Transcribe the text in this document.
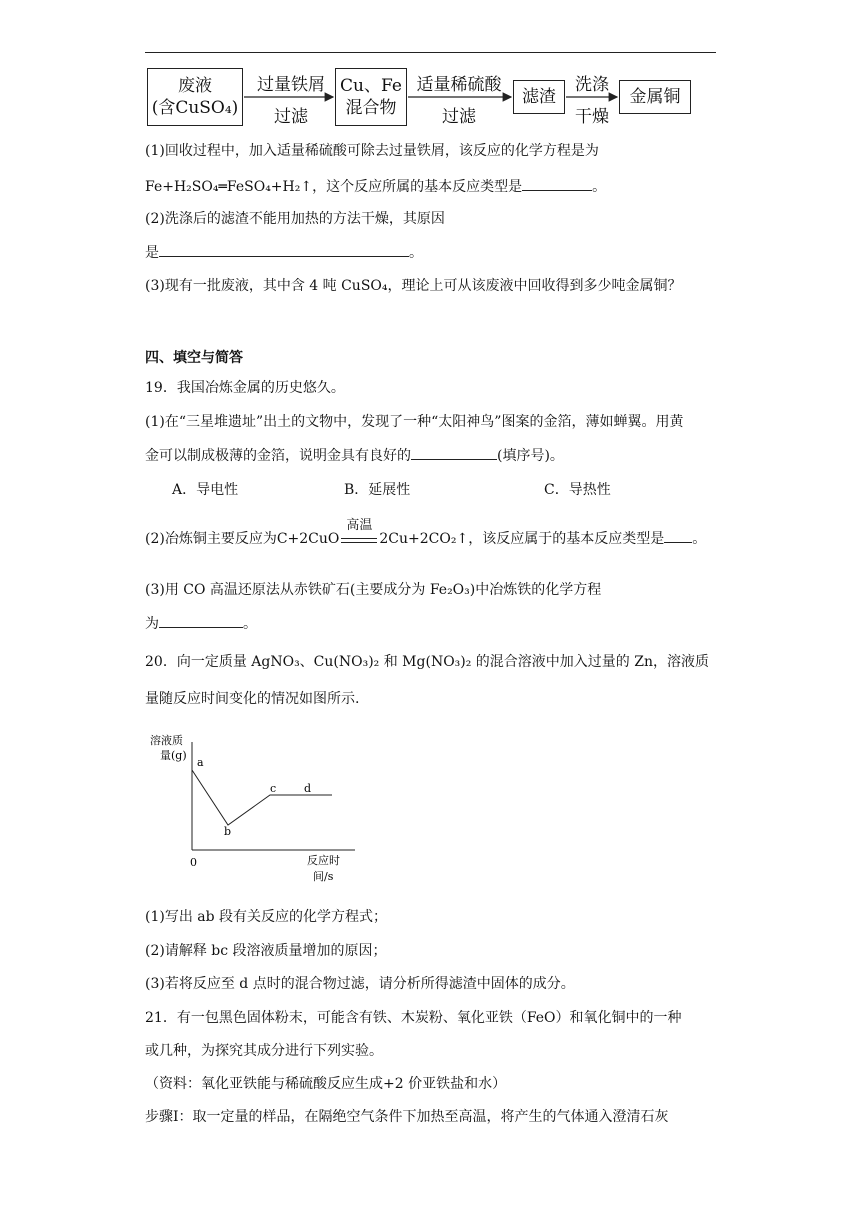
废液
(含CuSO₄)
过量铁屑
过滤
Cu、Fe
混合物
适量稀硫酸
过滤
滤渣
洗涤
干燥
金属铜
(1)回收过程中，加入适量稀硫酸可除去过量铁屑，该反应的化学方程是为
Fe+H₂SO₄═FeSO₄+H₂↑，这个反应所属的基本反应类型是	。
(2)洗涤后的滤渣不能用加热的方法干燥，其原因
是	。
(3)现有一批废液，其中含 4 吨 CuSO₄，理论上可从该废液中回收得到多少吨金属铜？
四、填空与简答
19．我国冶炼金属的历史悠久。
(1)在“三星堆遗址”出土的文物中，发现了一种“太阳神鸟”图案的金箔，薄如蝉翼。用黄
金可以制成极薄的金箔，说明金具有良好的	(填序号)。
A．导电性	B．延展性	C．导热性
(2)冶炼铜主要反应为C+2CuO
高温
2Cu+2CO₂↑，该反应属于的基本反应类型是 。
(3)用 CO 高温还原法从赤铁矿石(主要成分为 Fe₂O₃)中冶炼铁的化学方程
为	。
20．向一定质量 AgNO₃、Cu(NO₃)₂ 和 Mg(NO₃)₂ 的混合溶液中加入过量的 Zn，溶液质
量随反应时间变化的情况如图所示.
溶液质
量(g)
a
b
c	d
0	反应时
间/s
(1)写出 ab 段有关反应的化学方程式；
(2)请解释 bc 段溶液质量增加的原因；
(3)若将反应至 d 点时的混合物过滤，请分析所得滤渣中固体的成分。
21．有一包黑色固体粉末，可能含有铁、木炭粉、氧化亚铁（FeO）和氧化铜中的一种
或几种，为探究其成分进行下列实验。
（资料：氧化亚铁能与稀硫酸反应生成+2 价亚铁盐和水）
步骤Ⅰ：取一定量的样品，在隔绝空气条件下加热至高温，将产生的气体通入澄清石灰
